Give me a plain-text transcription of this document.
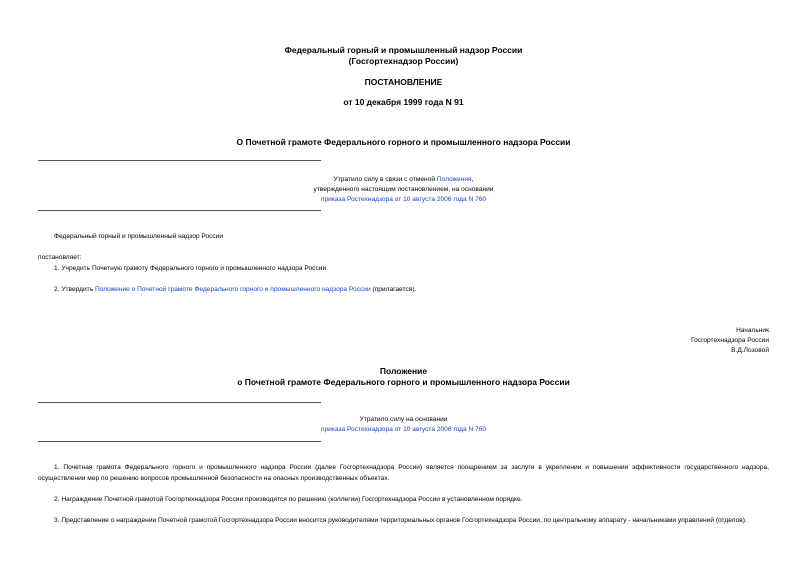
Федеральный горный и промышленный надзор России
(Госгортехнадзор России)
ПОСТАНОВЛЕНИЕ
от 10 декабря 1999 года N 91
О Почетной грамоте Федерального горного и промышленного надзора России
Утратило силу в связи с отменой Положения,
утвержденного настоящим постановлением, на основании
приказа Ростехнадзора от 10 августа 2006 года N 760
Федеральный горный и промышленный надзор России
постановляет:
1. Учредить Почетную грамоту Федерального горного и промышленного надзора России.
2. Утвердить Положение о Почетной грамоте Федерального горного и промышленного надзора России (прилагается).
Начальник
Госгортехнадзора России
В.Д.Лозовой
Положение
о Почетной грамоте Федерального горного и промышленного надзора России
Утратило силу на основании
приказа Ростехнадзора от 10 августа 2006 года N 760
1. Почетная грамота Федерального горного и промышленного надзора России (далее Госгортехнадзора России) является поощрением за заслуги в укреплении и повышении эффективности государственного надзора, осуществлении мер по решению вопросов промышленной безопасности на опасных производственных объектах.
2. Награждение Почетной грамотой Госгортехнадзора России производится по решению (коллегии) Госгортехнадзора России в установленном порядке.
3. Представление о награждении Почетной грамотой Госгортехнадзора России вносится руководителями территориальных органов Госгортехнадзора России, по центральному аппарату - начальниками управлений (отделов).
